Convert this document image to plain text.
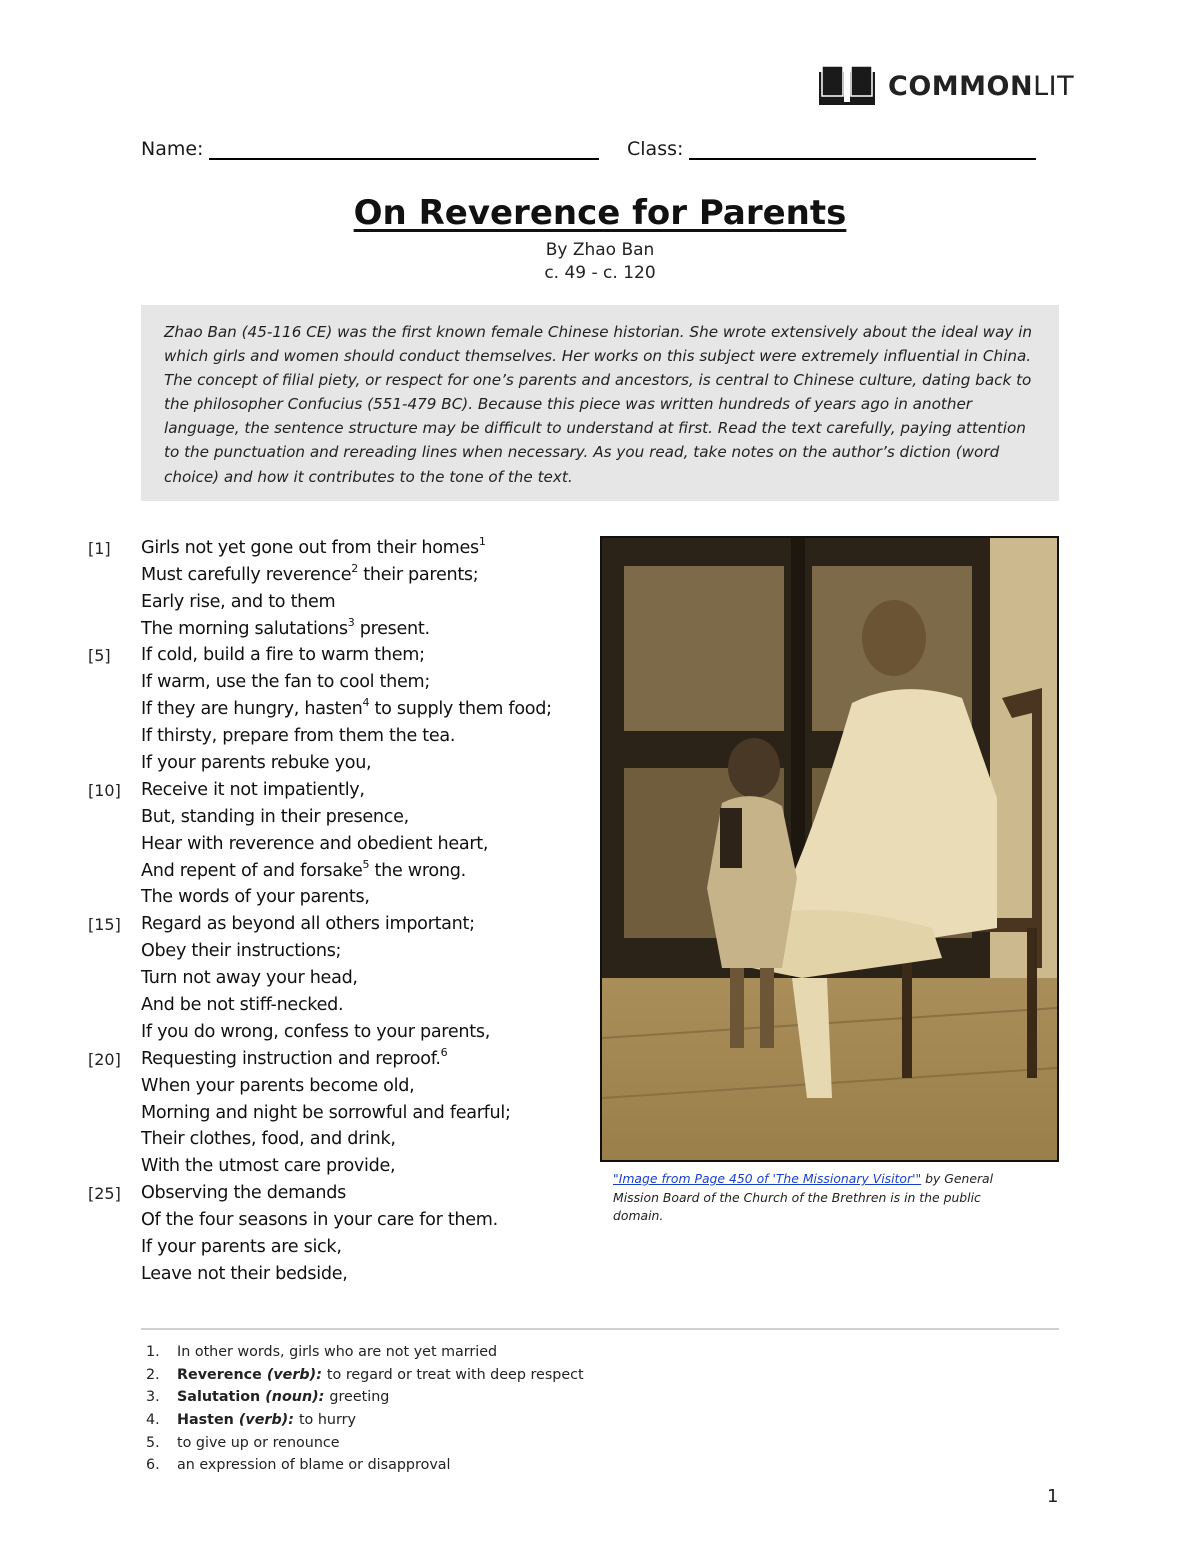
COMMONLIT
Name:	Class:
On Reverence for Parents
By Zhao Ban
c. 49 - c. 120
Zhao Ban (45-116 CE) was the first known female Chinese historian. She wrote extensively about the ideal way in which girls and women should conduct themselves. Her works on this subject were extremely influential in China. The concept of filial piety, or respect for one’s parents and ancestors, is central to Chinese culture, dating back to the philosopher Confucius (551-479 BC). Because this piece was written hundreds of years ago in another language, the sentence structure may be difficult to understand at first. Read the text carefully, paying attention to the punctuation and rereading lines when necessary. As you read, take notes on the author’s diction (word choice) and how it contributes to the tone of the text.
[1]	Girls not yet gone out from their homes$^1$
Must carefully reverence$^2$ their parents;
Early rise, and to them
The morning salutations$^3$ present.
[5]	If cold, build a fire to warm them;
If warm, use the fan to cool them;
If they are hungry, hasten$^4$ to supply them food;
If thirsty, prepare from them the tea.
If your parents rebuke you,
[10]	Receive it not impatiently,
But, standing in their presence,
Hear with reverence and obedient heart,
And repent of and forsake$^5$ the wrong.
The words of your parents,
[15]	Regard as beyond all others important;
Obey their instructions;
Turn not away your head,
And be not stiff-necked.
If you do wrong, confess to your parents,
[20]	Requesting instruction and reproof.$^6$
When your parents become old,
Morning and night be sorrowful and fearful;
Their clothes, food, and drink,
With the utmost care provide,
[25]	Observing the demands
Of the four seasons in your care for them.
If your parents are sick,
Leave not their bedside,
"Image from Page 450 of 'The Missionary Visitor'" by General Mission Board of the Church of the Brethren is in the public domain.
1.	In other words, girls who are not yet married
2.	Reverence (verb): to regard or treat with deep respect
3.	Salutation (noun): greeting
4.	Hasten (verb): to hurry
5.	to give up or renounce
6.	an expression of blame or disapproval
1
